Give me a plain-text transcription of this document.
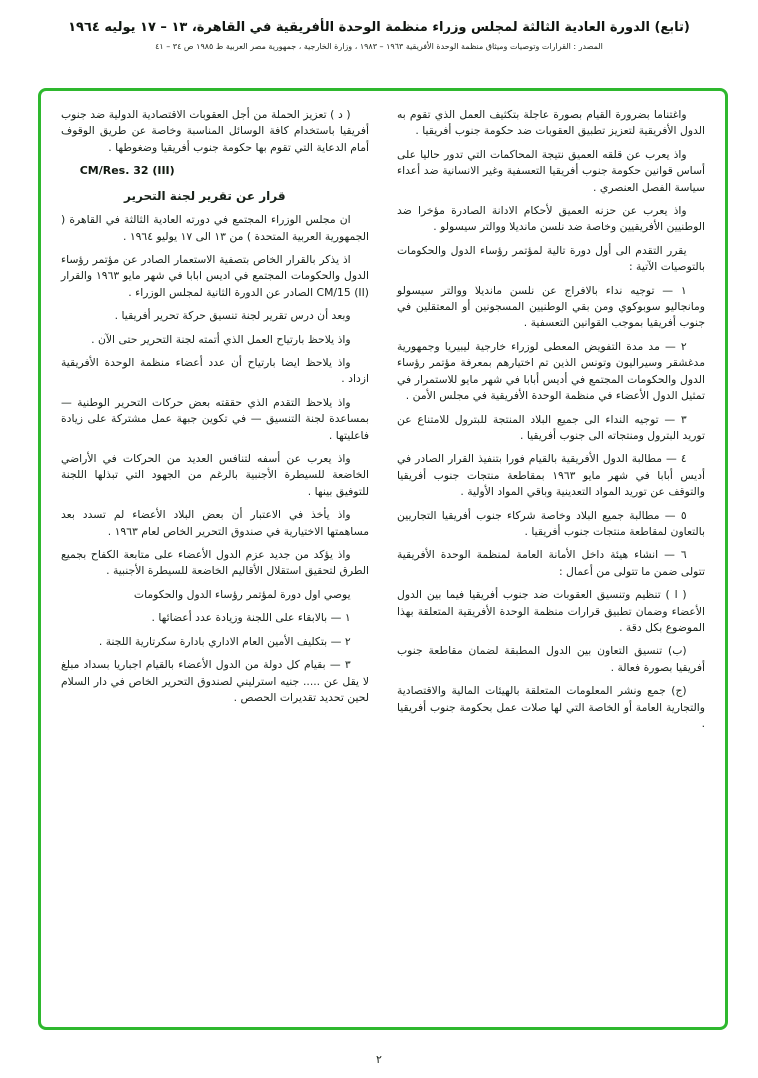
(تابع) الدورة العادية الثالثة لمجلس وزراء منظمة الوحدة الأفريقية في القاهرة، ١٣ – ١٧ يوليه ١٩٦٤
المصدر : القرارات وتوصيات وميثاق منظمة الوحدة الأفريقية ١٩٦٣ – ١٩٨٣ ، وزارة الخارجية ، جمهورية مصر العربية ط ١٩٨٥ ص ٣٤ – ٤١

واغتناما بضرورة القيام بصورة عاجلة بتكثيف العمل الذي تقوم به الدول الأفريقية لتعزيز تطبيق العقوبات ضد حكومة جنوب أفريقيا .

واذ يعرب عن قلقه العميق نتيجة المحاكمات التي تدور حاليا على أساس قوانين حكومة جنوب أفريقيا التعسفية وغير الانسانية ضد أعداء سياسة الفصل العنصري .

واذ يعرب عن حزنه العميق لأحكام الادانة الصادرة مؤخرا ضد الوطنيين الأفريقيين وخاصة ضد نلسن مانديلا ووالتر سيسولو .

يقرر التقدم الى أول دورة تالية لمؤتمر رؤساء الدول والحكومات بالتوصيات الآتية :

١ — توجيه نداء بالافراج عن نلسن مانديلا ووالتر سيسولو ومانجاليو سوبوكوي ومن بقي الوطنيين المسجونين أو المعتقلين في جنوب أفريقيا بموجب القوانين التعسفية .

٢ — مد مدة التفويض المعطى لوزراء خارجية ليبيريا وجمهورية مدغشقر وسيراليون وتونس الذين تم اختيارهم بمعرفة مؤتمر رؤساء الدول والحكومات المجتمع في أديس أبابا في شهر مايو للاستمرار في تمثيل الدول الأعضاء في منظمة الوحدة الأفريقية في مجلس الأمن .

٣ — توجيه النداء الى جميع البلاد المنتجة للبترول للامتناع عن توريد البترول ومنتجاته الى جنوب أفريقيا .

٤ — مطالبة الدول الأفريقية بالقيام فورا بتنفيذ القرار الصادر في أديس أبابا في شهر مايو ١٩٦٣ بمقاطعة منتجات جنوب أفريقيا والتوقف عن توريد المواد التعدينية وباقي المواد الأولية .

٥ — مطالبة جميع البلاد وخاصة شركاء جنوب أفريقيا التجاريين بالتعاون لمقاطعة منتجات جنوب أفريقيا .

٦ — انشاء هيئة داخل الأمانة العامة لمنظمة الوحدة الأفريقية تتولى ضمن ما تتولى من أعمال :

( ا ) تنظيم وتنسيق العقوبات ضد جنوب أفريقيا فيما بين الدول الأعضاء وضمان تطبيق قرارات منظمة الوحدة الأفريقية المتعلقة بهذا الموضوع بكل دقة .

(ب) تنسيق التعاون بين الدول المطبقة لضمان مقاطعة جنوب أفريقيا بصورة فعالة .

(ج) جمع ونشر المعلومات المتعلقة بالهيئات المالية والاقتصادية والتجارية العامة أو الخاصة التي لها صلات عمل بحكومة جنوب أفريقيا .

( د ) تعزيز الحملة من أجل العقوبات الاقتصادية الدولية ضد جنوب أفريقيا باستخدام كافة الوسائل المناسبة وخاصة عن طريق الوقوف أمام الدعاية التي تقوم بها حكومة جنوب أفريقيا وضغوطها .

CM/Res. 32 (III)

قرار عن تقرير لجنة التحرير

ان مجلس الوزراء المجتمع في دورته العادية الثالثة في القاهرة ( الجمهورية العربية المتحدة ) من ١٣ الى ١٧ يوليو ١٩٦٤ .

اذ يذكر بالقرار الخاص بتصفية الاستعمار الصادر عن مؤتمر رؤساء الدول والحكومات المجتمع في اديس ابابا في شهر مايو ١٩٦٣ والقرار CM/15 (II) الصادر عن الدورة الثانية لمجلس الوزراء .

وبعد أن درس تقرير لجنة تنسيق حركة تحرير أفريقيا .

واذ يلاحظ بارتياح العمل الذي أتمته لجنة التحرير حتى الآن .

واذ يلاحظ ايضا بارتياح أن عدد أعضاء منظمة الوحدة الأفريقية ازداد .

واذ يلاحظ التقدم الذي حققته بعض حركات التحرير الوطنية — بمساعدة لجنة التنسيق — في تكوين جبهة عمل مشتركة على زيادة فاعليتها .

واذ يعرب عن أسفه لتنافس العديد من الحركات في الأراضي الخاضعة للسيطرة الأجنبية بالرغم من الجهود التي تبذلها اللجنة للتوفيق بينها .

واذ يأخذ في الاعتبار أن بعض البلاد الأعضاء لم تسدد بعد مساهمتها الاختيارية في صندوق التحرير الخاص لعام ١٩٦٣ .

واذ يؤكد من جديد عزم الدول الأعضاء على متابعة الكفاح بجميع الطرق لتحقيق استقلال الأقاليم الخاضعة للسيطرة الأجنبية .

يوصي اول دورة لمؤتمر رؤساء الدول والحكومات

١ — بالابقاء على اللجنة وزيادة عدد أعضائها .

٢ — بتكليف الأمين العام الاداري بادارة سكرتارية اللجنة .

٣ — بقيام كل دولة من الدول الأعضاء بالقيام اجباريا بسداد مبلغ لا يقل عن ..... جنيه استرليني لصندوق التحرير الخاص في دار السلام لحين تحديد تقديرات الحصص .

٢
